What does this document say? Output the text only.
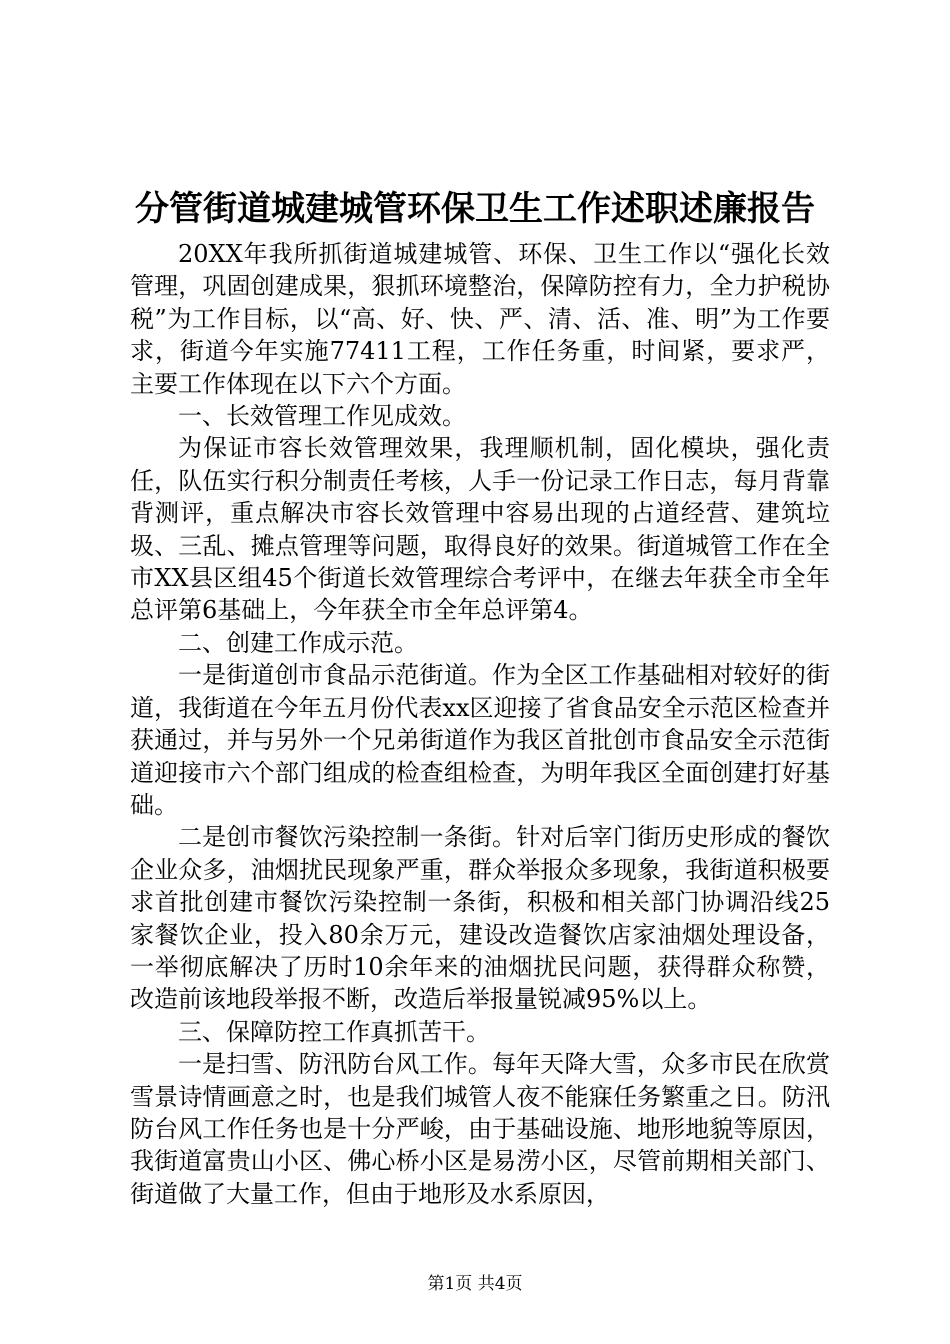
分管街道城建城管环保卫生工作述职述廉报告

20XX年我所抓街道城建城管、环保、卫生工作以“强化长效管理，巩固创建成果，狠抓环境整治，保障防控有力，全力护税协税”为工作目标，以“高、好、快、严、清、活、准、明”为工作要求，街道今年实施77411工程，工作任务重，时间紧，要求严，主要工作体现在以下六个方面。

一、长效管理工作见成效。

为保证市容长效管理效果，我理顺机制，固化模块，强化责任，队伍实行积分制责任考核，人手一份记录工作日志，每月背靠背测评，重点解决市容长效管理中容易出现的占道经营、建筑垃圾、三乱、摊点管理等问题，取得良好的效果。街道城管工作在全市XX县区组45个街道长效管理综合考评中，在继去年获全市全年总评第6基础上，今年获全市全年总评第4。

二、创建工作成示范。

一是街道创市食品示范街道。作为全区工作基础相对较好的街道，我街道在今年五月份代表xx区迎接了省食品安全示范区检查并获通过，并与另外一个兄弟街道作为我区首批创市食品安全示范街道迎接市六个部门组成的检查组检查，为明年我区全面创建打好基础。

二是创市餐饮污染控制一条街。针对后宰门街历史形成的餐饮企业众多，油烟扰民现象严重，群众举报众多现象，我街道积极要求首批创建市餐饮污染控制一条街，积极和相关部门协调沿线25家餐饮企业，投入80余万元，建设改造餐饮店家油烟处理设备，一举彻底解决了历时10余年来的油烟扰民问题，获得群众称赞，改造前该地段举报不断，改造后举报量锐减95%以上。

三、保障防控工作真抓苦干。

一是扫雪、防汛防台风工作。每年天降大雪，众多市民在欣赏雪景诗情画意之时，也是我们城管人夜不能寐任务繁重之日。防汛防台风工作任务也是十分严峻，由于基础设施、地形地貌等原因，我街道富贵山小区、佛心桥小区是易涝小区，尽管前期相关部门、街道做了大量工作，但由于地形及水系原因，

第1页 共4页
